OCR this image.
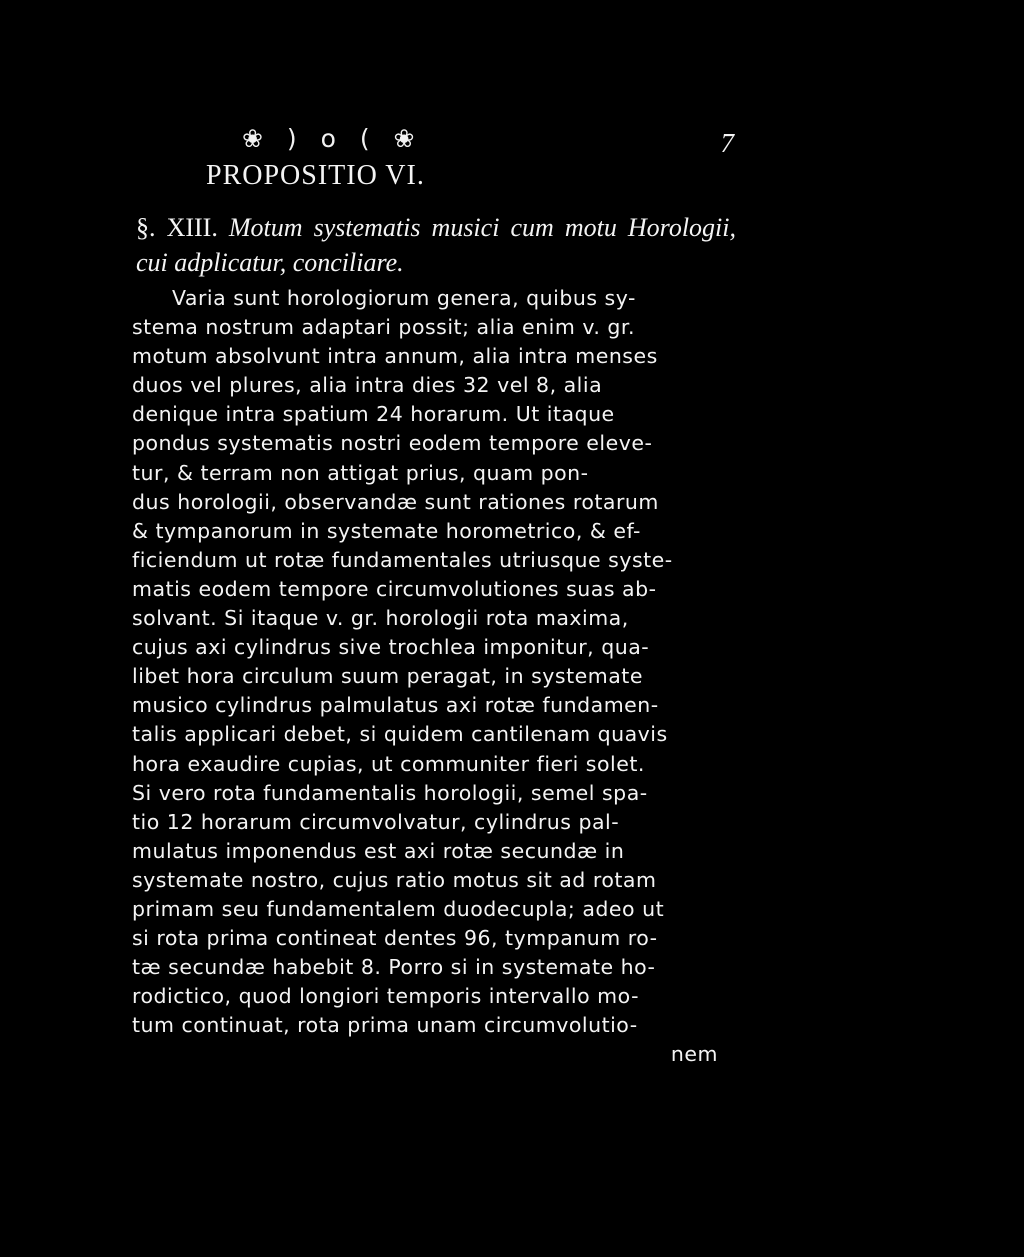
❀ ) o ( ❀	7
PROPOSITIO VI.
§. XIII. Motum systematis musici cum motu Horologii, cui adplicatur, conciliare.
Varia sunt horologiorum genera, quibus sy-
stema nostrum adaptari possit; alia enim v. gr.
motum absolvunt intra annum, alia intra menses
duos vel plures, alia intra dies 32 vel 8, alia
denique intra spatium 24 horarum. Ut itaque
pondus systematis nostri eodem tempore eleve-
tur, & terram non attigat prius, quam pon-
dus horologii, observandæ sunt rationes rotarum
& tympanorum in systemate horometrico, & ef-
ficiendum ut rotæ fundamentales utriusque syste-
matis eodem tempore circumvolutiones suas ab-
solvant. Si itaque v. gr. horologii rota maxima,
cujus axi cylindrus sive trochlea imponitur, qua-
libet hora circulum suum peragat, in systemate
musico cylindrus palmulatus axi rotæ fundamen-
talis applicari debet, si quidem cantilenam quavis
hora exaudire cupias, ut communiter fieri solet.
Si vero rota fundamentalis horologii, semel spa-
tio 12 horarum circumvolvatur, cylindrus pal-
mulatus imponendus est axi rotæ secundæ in
systemate nostro, cujus ratio motus sit ad rotam
primam seu fundamentalem duodecupla; adeo ut
si rota prima contineat dentes 96, tympanum ro-
tæ secundæ habebit 8. Porro si in systemate ho-
rodictico, quod longiori temporis intervallo mo-
tum continuat, rota prima unam circumvolutio-
nem
